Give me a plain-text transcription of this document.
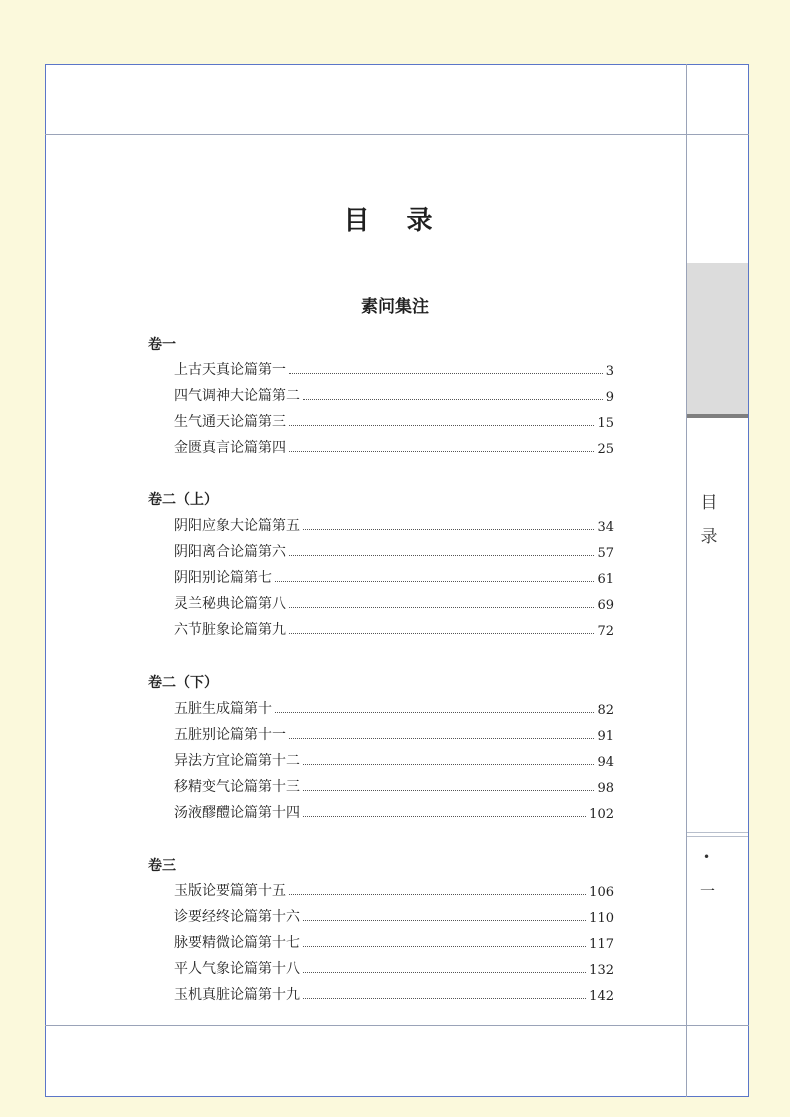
目 录
•
一
目 录
素问集注
卷一
上古天真论篇第一	3
四气调神大论篇第二	9
生气通天论篇第三	15
金匮真言论篇第四	25
卷二（上）
阴阳应象大论篇第五	34
阴阳离合论篇第六	57
阴阳别论篇第七	61
灵兰秘典论篇第八	69
六节脏象论篇第九	72
卷二（下）
五脏生成篇第十	82
五脏别论篇第十一	91
异法方宜论篇第十二	94
移精变气论篇第十三	98
汤液醪醴论篇第十四	102
卷三
玉版论要篇第十五	106
诊要经终论篇第十六	110
脉要精微论篇第十七	117
平人气象论篇第十八	132
玉机真脏论篇第十九	142
